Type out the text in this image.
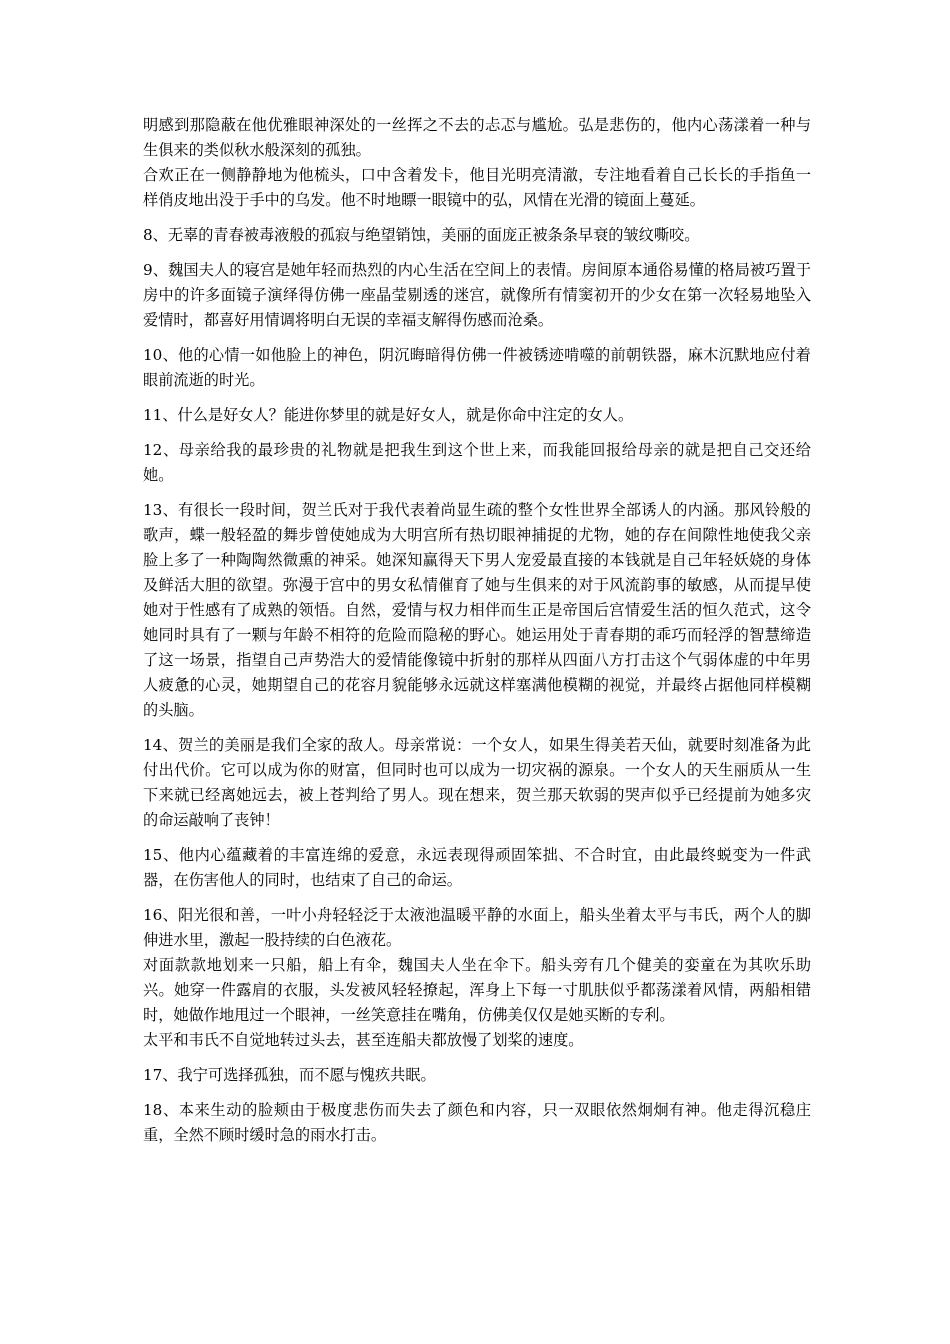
明感到那隐蔽在他优雅眼神深处的一丝挥之不去的忐忑与尴尬。弘是悲伤的，他内心荡漾着一种与生俱来的类似秋水般深刻的孤独。
合欢正在一侧静静地为他梳头，口中含着发卡，他目光明亮清澈，专注地看着自己长长的手指鱼一样俏皮地出没于手中的乌发。他不时地瞟一眼镜中的弘，风情在光滑的镜面上蔓延。
8、无辜的青春被毒液般的孤寂与绝望销蚀，美丽的面庞正被条条早衰的皱纹嘶咬。
9、魏国夫人的寝宫是她年轻而热烈的内心生活在空间上的表情。房间原本通俗易懂的格局被巧置于房中的许多面镜子演绎得仿佛一座晶莹剔透的迷宫，就像所有情窦初开的少女在第一次轻易地坠入爱情时，都喜好用情调将明白无误的幸福支解得伤感而沧桑。
10、他的心情一如他脸上的神色，阴沉晦暗得仿佛一件被锈迹啃噬的前朝铁器，麻木沉默地应付着眼前流逝的时光。
11、什么是好女人？能进你梦里的就是好女人，就是你命中注定的女人。
12、母亲给我的最珍贵的礼物就是把我生到这个世上来，而我能回报给母亲的就是把自己交还给她。
13、有很长一段时间，贺兰氏对于我代表着尚显生疏的整个女性世界全部诱人的内涵。那风铃般的歌声，蝶一般轻盈的舞步曾使她成为大明宫所有热切眼神捕捉的尤物，她的存在间隙性地使我父亲脸上多了一种陶陶然微熏的神采。她深知赢得天下男人宠爱最直接的本钱就是自己年轻妖娆的身体及鲜活大胆的欲望。弥漫于宫中的男女私情催育了她与生俱来的对于风流韵事的敏感，从而提早使她对于性感有了成熟的领悟。自然，爱情与权力相伴而生正是帝国后宫情爱生活的恒久范式，这令她同时具有了一颗与年龄不相符的危险而隐秘的野心。她运用处于青春期的乖巧而轻浮的智慧缔造了这一场景，指望自己声势浩大的爱情能像镜中折射的那样从四面八方打击这个气弱体虚的中年男人疲惫的心灵，她期望自己的花容月貌能够永远就这样塞满他模糊的视觉，并最终占据他同样模糊的头脑。
14、贺兰的美丽是我们全家的敌人。母亲常说：一个女人，如果生得美若天仙，就要时刻准备为此付出代价。它可以成为你的财富，但同时也可以成为一切灾祸的源泉。一个女人的天生丽质从一生下来就已经离她远去，被上苍判给了男人。现在想来，贺兰那天软弱的哭声似乎已经提前为她多灾的命运敲响了丧钟！
15、他内心蕴藏着的丰富连绵的爱意，永远表现得顽固笨拙、不合时宜，由此最终蜕变为一件武器，在伤害他人的同时，也结束了自己的命运。
16、阳光很和善，一叶小舟轻轻泛于太液池温暖平静的水面上，船头坐着太平与韦氏，两个人的脚伸进水里，激起一股持续的白色液花。
对面款款地划来一只船，船上有伞，魏国夫人坐在伞下。船头旁有几个健美的娈童在为其吹乐助兴。她穿一件露肩的衣服，头发被风轻轻撩起，浑身上下每一寸肌肤似乎都荡漾着风情，两船相错时，她做作地甩过一个眼神，一丝笑意挂在嘴角，仿佛美仅仅是她买断的专利。
太平和韦氏不自觉地转过头去，甚至连船夫都放慢了划桨的速度。
17、我宁可选择孤独，而不愿与愧疚共眠。
18、本来生动的脸颊由于极度悲伤而失去了颜色和内容，只一双眼依然炯炯有神。他走得沉稳庄重，全然不顾时缓时急的雨水打击。
